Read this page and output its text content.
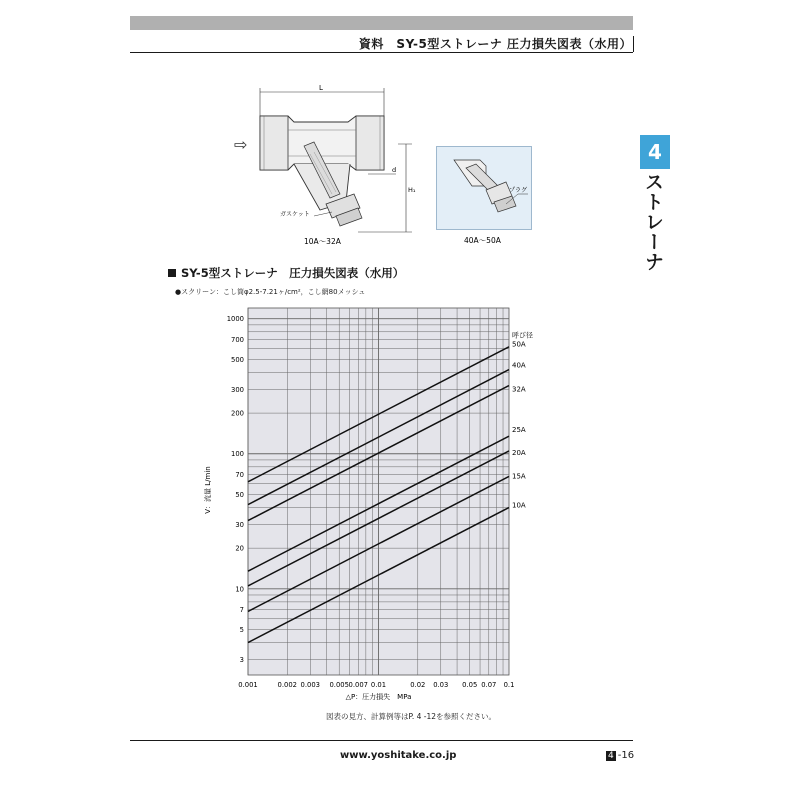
資料　SY-5型ストレーナ 圧力損失図表（水用）
4
ストレーナ
L
⇨
ガスケット
d
H₁
10A～32A
プラグ
40A～50A
SY-5型ストレーナ　圧力損失図表（水用）
●スクリーン：こし筒φ2.5-7.21ヶ/cm²，こし網80メッシュ
0.001	0.002 0.003 0.005 0.007 0.01	0.02 0.03 0.05 0.07 0.1
3
5
7
10
20
30
50
70
100
200
300
500
700
1000
△P：圧力損失　MPa
V：流量 L/min
50A
40A
32A
25A
20A
15A
10A
呼び径
図表の見方、計算例等はP. 4 -12を参照ください。
www.yoshitake.co.jp	4 -16
